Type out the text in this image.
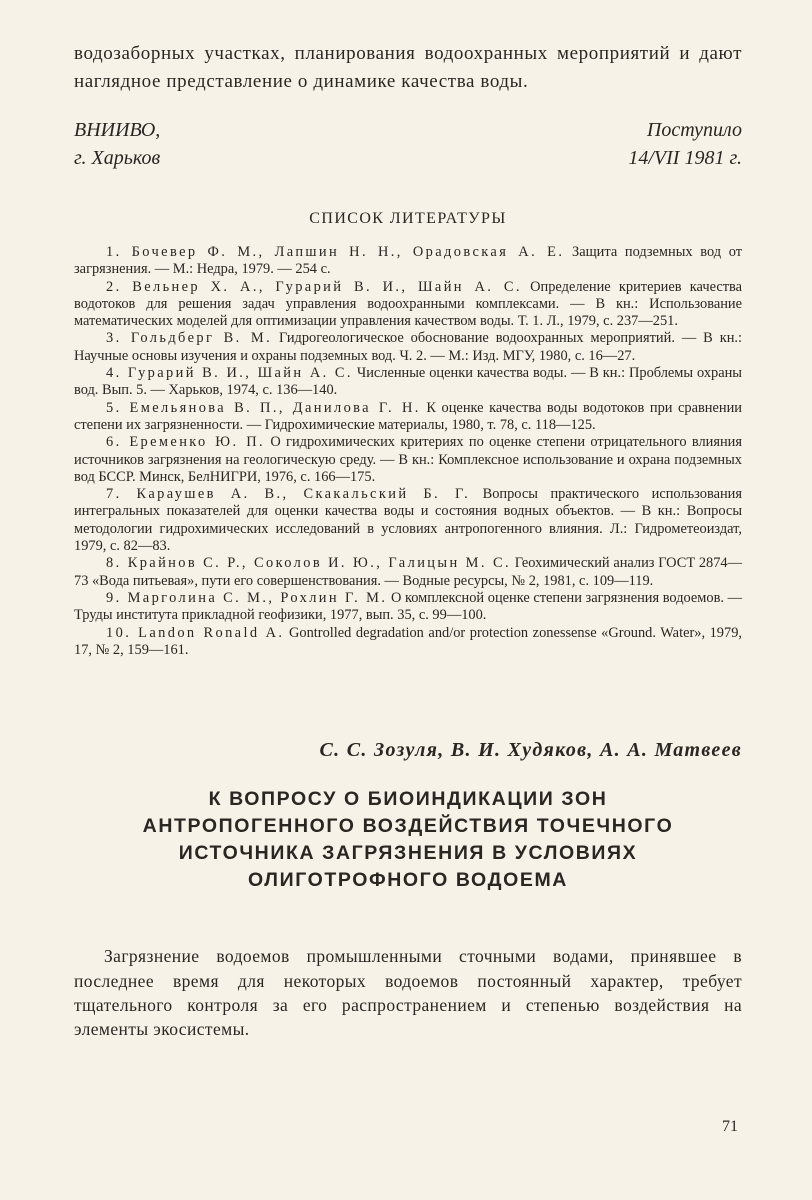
водозаборных участках, планирования водоохранных мероприятий и дают наглядное представление о динамике качества воды.

ВНИИВО,
г. Харьков
Поступило
14/VII 1981 г.
СПИСОК ЛИТЕРАТУРЫ

1. Бочевер Ф. М., Лапшин Н. Н., Орадовская А. Е. Защита подземных вод от загрязнения. — М.: Недра, 1979. — 254 с.

2. Вельнер Х. А., Гурарий В. И., Шайн А. С. Определение критериев качества водотоков для решения задач управления водоохранными комплексами. — В кн.: Использование математических моделей для оптимизации управления качеством воды. Т. 1. Л., 1979, с. 237—251.

3. Гольдберг В. М. Гидрогеологическое обоснование водоохранных мероприятий. — В кн.: Научные основы изучения и охраны подземных вод. Ч. 2. — М.: Изд. МГУ, 1980, с. 16—27.

4. Гурарий В. И., Шайн А. С. Численные оценки качества воды. — В кн.: Проблемы охраны вод. Вып. 5. — Харьков, 1974, с. 136—140.

5. Емельянова В. П., Данилова Г. Н. К оценке качества воды водотоков при сравнении степени их загрязненности. — Гидрохимические материалы, 1980, т. 78, с. 118—125.

6. Еременко Ю. П. О гидрохимических критериях по оценке степени отрицательного влияния источников загрязнения на геологическую среду. — В кн.: Комплексное использование и охрана подземных вод БССР. Минск, БелНИГРИ, 1976, с. 166—175.

7. Караушев А. В., Скакальский Б. Г. Вопросы практического использования интегральных показателей для оценки качества воды и состояния водных объектов. — В кн.: Вопросы методологии гидрохимических исследований в условиях антропогенного влияния. Л.: Гидрометеоиздат, 1979, с. 82—83.

8. Крайнов С. Р., Соколов И. Ю., Галицын М. С. Геохимический анализ ГОСТ 2874—73 «Вода питьевая», пути его совершенствования. — Водные ресурсы, № 2, 1981, с. 109—119.

9. Марголина С. М., Рохлин Г. М. О комплексной оценке степени загрязнения водоемов. — Труды института прикладной геофизики, 1977, вып. 35, с. 99—100.

10. Landon Ronald A. Gontrolled degradation and/or protection zonessense «Ground. Water», 1979, 17, № 2, 159—161.

С. С. Зозуля, В. И. Худяков, А. А. Матвеев
К ВОПРОСУ О БИОИНДИКАЦИИ ЗОН
АНТРОПОГЕННОГО ВОЗДЕЙСТВИЯ ТОЧЕЧНОГО
ИСТОЧНИКА ЗАГРЯЗНЕНИЯ В УСЛОВИЯХ
ОЛИГОТРОФНОГО ВОДОЕМА

Загрязнение водоемов промышленными сточными водами, принявшее в последнее время для некоторых водоемов постоянный характер, требует тщательного контроля за его распространением и степенью воздействия на элементы экосистемы.

71
